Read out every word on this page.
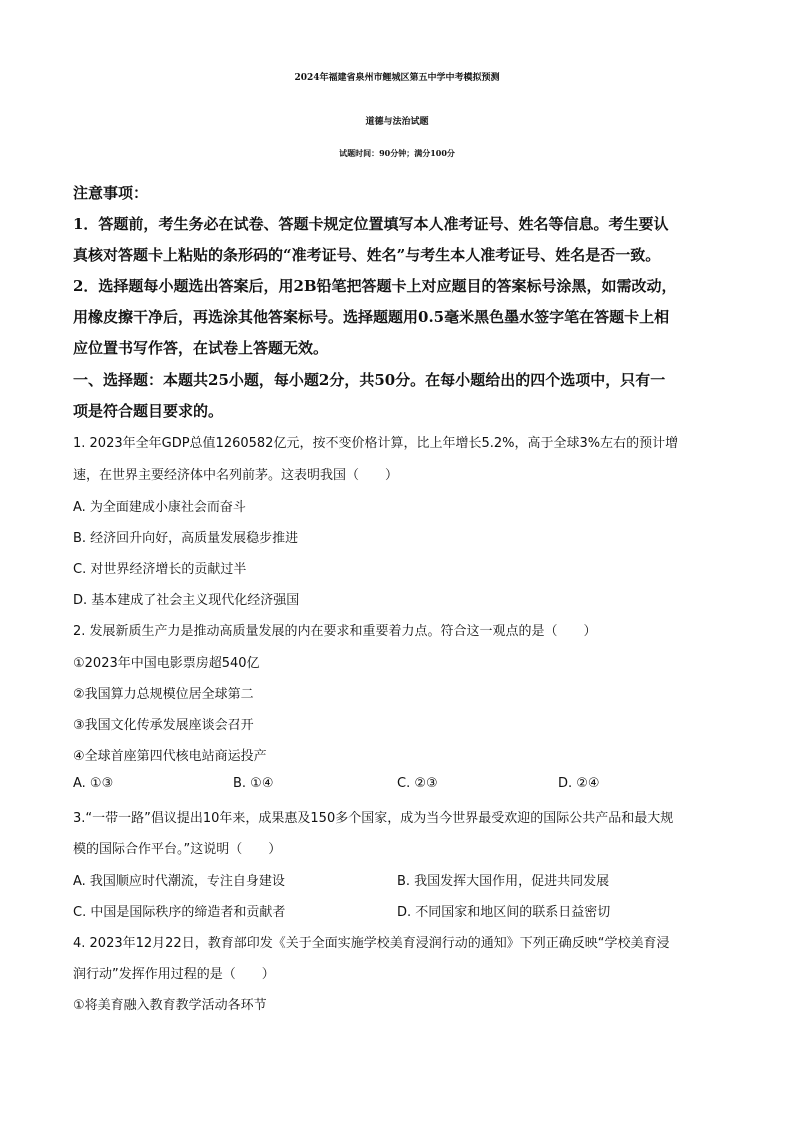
2024年福建省泉州市鲤城区第五中学中考模拟预测
道德与法治试题
试题时间：90分钟；满分100分
注意事项：
1．答题前，考生务必在试卷、答题卡规定位置填写本人准考证号、姓名等信息。考生要认
真核对答题卡上粘贴的条形码的“准考证号、姓名”与考生本人准考证号、姓名是否一致。
2．选择题每小题选出答案后，用2B铅笔把答题卡上对应题目的答案标号涂黑，如需改动，
用橡皮擦干净后，再选涂其他答案标号。选择题题用0.5毫米黑色墨水签字笔在答题卡上相
应位置书写作答，在试卷上答题无效。
一、选择题：本题共25小题，每小题2分，共50分。在每小题给出的四个选项中，只有一
项是符合题目要求的。
1. 2023年全年GDP总值1260582亿元，按不变价格计算，比上年增长5.2%，高于全球3%左右的预计增
速，在世界主要经济体中名列前茅。这表明我国（　　）
A. 为全面建成小康社会而奋斗
B. 经济回升向好，高质量发展稳步推进
C. 对世界经济增长的贡献过半
D. 基本建成了社会主义现代化经济强国
2. 发展新质生产力是推动高质量发展的内在要求和重要着力点。符合这一观点的是（　　）
①2023年中国电影票房超540亿
②我国算力总规模位居全球第二
③我国文化传承发展座谈会召开
④全球首座第四代核电站商运投产
A. ①③	B. ①④	C. ②③	D. ②④
3.“一带一路”倡议提出10年来，成果惠及150多个国家，成为当今世界最受欢迎的国际公共产品和最大规
模的国际合作平台。”这说明（　　）
A. 我国顺应时代潮流，专注自身建设	B. 我国发挥大国作用，促进共同发展
C. 中国是国际秩序的缔造者和贡献者	D. 不同国家和地区间的联系日益密切
4. 2023年12月22日，教育部印发《关于全面实施学校美育浸润行动的通知》下列正确反映“学校美育浸
润行动”发挥作用过程的是（　　）
①将美育融入教育教学活动各环节
